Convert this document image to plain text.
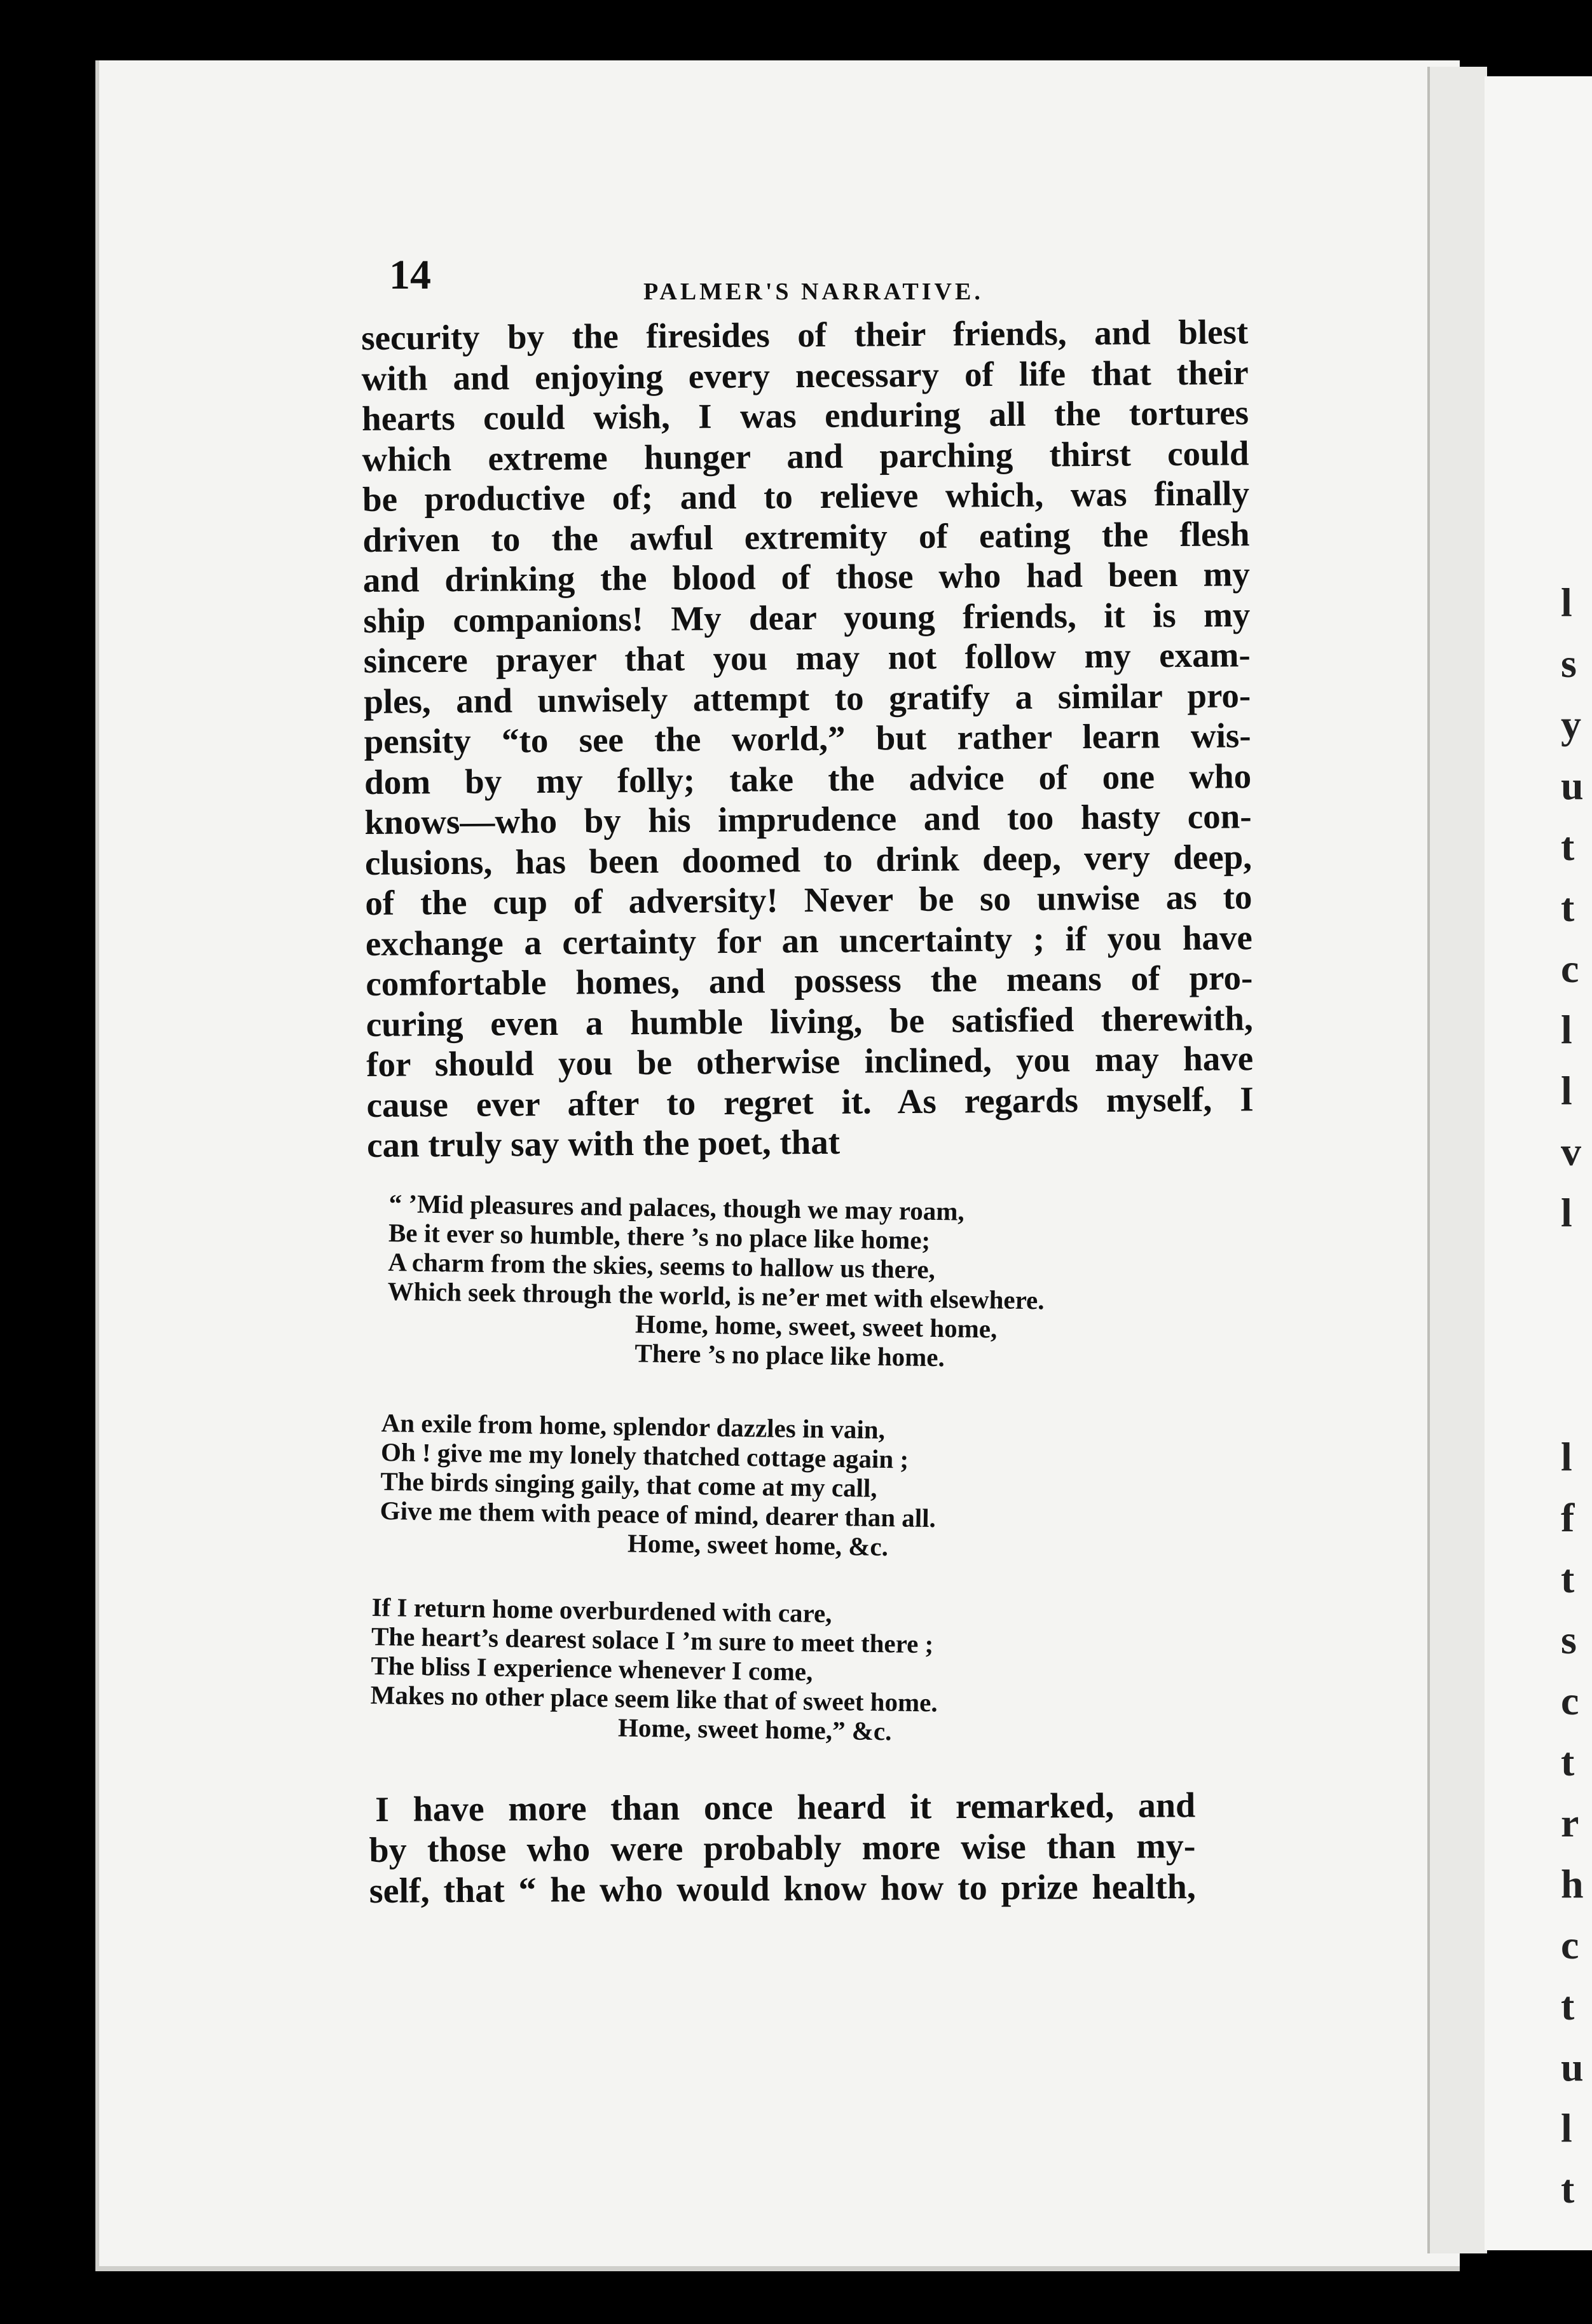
l
s
y
u
t
t
c
l
l
v
l

l
f
t
s
c
t
r
h
c
t
u
l
t
14	PALMER'S NARRATIVE.
security by the firesides of their friends, and blest
with and enjoying every necessary of life that their
hearts could wish, I was enduring all the tortures
which extreme hunger and parching thirst could
be productive of; and to relieve which, was finally
driven to the awful extremity of eating the flesh
and drinking the blood of those who had been my
ship companions! My dear young friends, it is my
sincere prayer that you may not follow my exam-
ples, and unwisely attempt to gratify a similar pro-
pensity “to see the world,” but rather learn wis-
dom by my folly; take the advice of one who
knows—who by his imprudence and too hasty con-
clusions, has been doomed to drink deep, very deep,
of the cup of adversity! Never be so unwise as to
exchange a certainty for an uncertainty ; if you have
comfortable homes, and possess the means of pro-
curing even a humble living, be satisfied therewith,
for should you be otherwise inclined, you may have
cause ever after to regret it. As regards myself, I
can truly say with the poet, that
“ ’Mid pleasures and palaces, though we may roam,
Be it ever so humble, there ’s no place like home;
A charm from the skies, seems to hallow us there,
Which seek through the world, is ne’er met with elsewhere.
Home, home, sweet, sweet home,
There ’s no place like home.
An exile from home, splendor dazzles in vain,
Oh ! give me my lonely thatched cottage again ;
The birds singing gaily, that come at my call,
Give me them with peace of mind, dearer than all.
Home, sweet home, &c.
If I return home overburdened with care,
The heart’s dearest solace I ’m sure to meet there ;
The bliss I experience whenever I come,
Makes no other place seem like that of sweet home.
Home, sweet home,” &c.
I have more than once heard it remarked, and
by those who were probably more wise than my-
self, that “ he who would know how to prize health,
